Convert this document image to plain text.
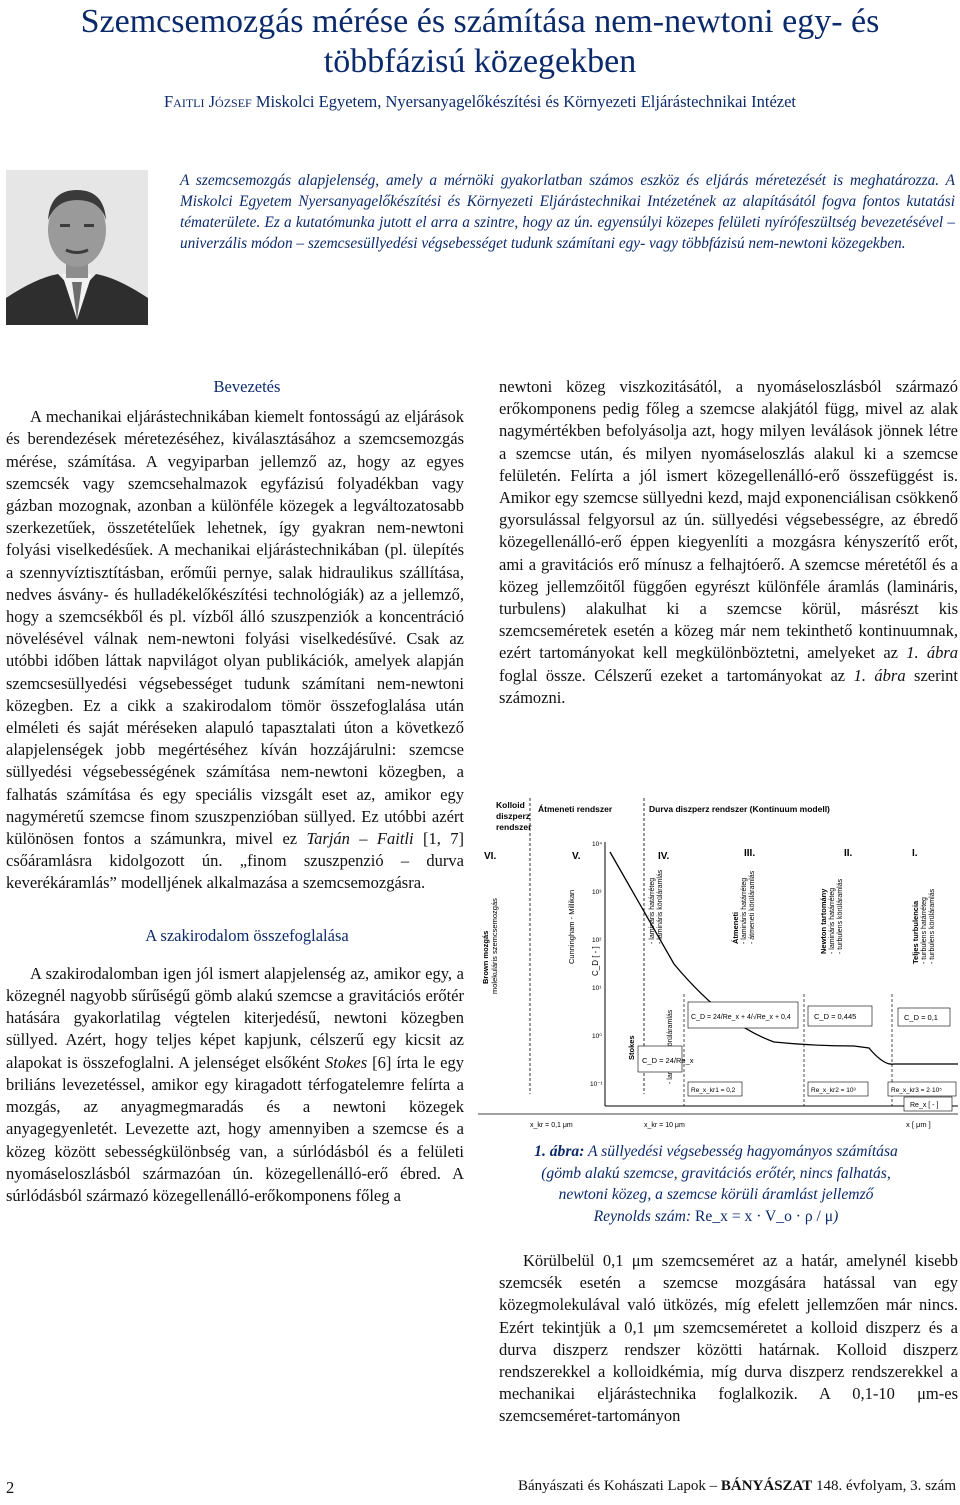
Szemcsemozgás mérése és számítása nem-newtoni egy- és
többfázisú közegekben
Faitli József Miskolci Egyetem, Nyersanyagelőkészítési és Környezeti Eljárástechnikai Intézet

A szemcsemozgás alapjelenség, amely a mérnöki gyakorlatban számos eszköz és eljárás méretezését is meghatározza. A Miskolci Egyetem Nyersanyagelőkészítési és Környezeti Eljárástechnikai Intézetének az alapításától fogva fontos kutatási tématerülete. Ez a kutatómunka jutott el arra a szintre, hogy az ún. egyensúlyi közepes felületi nyírófeszültség bevezetésével – univerzális módon – szemcsesüllyedési végsebességet tudunk számítani egy- vagy többfázisú nem-newtoni közegekben.

Bevezetés

A mechanikai eljárástechnikában kiemelt fontosságú az eljárások és berendezések méretezéséhez, kiválasztásához a szemcsemozgás mérése, számítása. A vegyiparban jellemző az, hogy az egyes szemcsék vagy szemcsehalmazok egyfázisú folyadékban vagy gázban mozognak, azonban a különféle közegek a legváltozatosabb szerkezetűek, összetételűek lehetnek, így gyakran nem-newtoni folyási viselkedésűek. A mechanikai eljárástechnikában (pl. ülepítés a szennyvíztisztításban, erőműi pernye, salak hidraulikus szállítása, nedves ásvány- és hulladékelőkészítési technológiák) az a jellemző, hogy a szemcsékből és pl. vízből álló szuszpenziók a koncentráció növelésével válnak nem-newtoni folyási viselkedésűvé. Csak az utóbbi időben láttak napvilágot olyan publikációk, amelyek alapján szemcsesüllyedési végsebességet tudunk számítani nem-newtoni közegben. Ez a cikk a szakirodalom tömör összefoglalása után elméleti és saját méréseken alapuló tapasztalati úton a következő alapjelenségek jobb megértéséhez kíván hozzájárulni: szemcse süllyedési végsebességének számítása nem-newtoni közegben, a falhatás számítása és egy speciális vizsgált eset az, amikor egy nagyméretű szemcse finom szuszpenzióban süllyed. Ez utóbbi azért különösen fontos a számunkra, mivel ez Tarján – Faitli [1, 7] csőáramlásra kidolgozott ún. „finom szuszpenzió – durva keverékáramlás” modelljének alkalmazása a szemcsemozgásra.

A szakirodalom összefoglalása

A szakirodalomban igen jól ismert alapjelenség az, amikor egy, a közegnél nagyobb sűrűségű gömb alakú szemcse a gravitációs erőtér hatására gyakorlatilag végtelen kiterjedésű, newtoni közegben süllyed. Azért, hogy teljes képet kapjunk, célszerű egy kicsit az alapokat is összefoglalni. A jelenséget elsőként Stokes [6] írta le egy briliáns levezetéssel, amikor egy kiragadott térfogatelemre felírta a mozgás, az anyagmegmaradás és a newtoni közegek anyagegyenletét. Levezette azt, hogy amennyiben a szemcse és a közeg között sebességkülönbség van, a súrlódásból és a felületi nyomáseloszlásból származóan ún. közegellenálló-erő ébred. A súrlódásból származó közegellenálló-erőkomponens főleg a

newtoni közeg viszkozitásától, a nyomáseloszlásból származó erőkomponens pedig főleg a szemcse alakjától függ, mivel az alak nagymértékben befolyásolja azt, hogy milyen leválások jönnek létre a szemcse után, és milyen nyomáseloszlás alakul ki a szemcse felületén. Felírta a jól ismert közegellenálló-erő összefüggést is. Amikor egy szemcse süllyedni kezd, majd exponenciálisan csökkenő gyorsulással felgyorsul az ún. süllyedési végsebességre, az ébredő közegellenálló-erő éppen kiegyenlíti a mozgásra kényszerítő erőt, ami a gravitációs erő mínusz a felhajtóerő. A szemcse méretétől és a közeg jellemzőitől függően egyrészt különféle áramlás (lamináris, turbulens) alakulhat ki a szemcse körül, másrészt kis szemcseméretek esetén a közeg már nem tekinthető kontinuumnak, ezért tartományokat kell megkülönböztetni, amelyeket az 1. ábra foglal össze. Célszerű ezeket a tartományokat az 1. ábra szerint számozni.

Kolloid
diszperz
rendszer
Átmeneti rendszer	Durva diszperz rendszer (Kontinuum modell)
VI.	V.	IV.	III.	II.	I.
10⁴
10³
10²
10¹
10⁰
10⁻¹
C_D [ - ]
Brown mozgás molekuláris szemcsemozgás	Cunningham - Millikan	- lamináris határréteg - lamináris körüláramlás	Átmeneti - lamináris határréteg - átmeneti körüláramlás	Newton tartomány - lamináris határréteg - turbulens körüláramlás	Teljes turbulencia - turbulens határréteg - turbulens körüláramlás
Stokes
C_D = 24/Re_x
C_D = 24/Re_x + 4/√Re_x + 0,4	C_D = 0,445	C_D = 0,1
Re_x_kr1 = 0,2	Re_x_kr2 = 10³	Re_x_kr3 = 2·10⁵
Re_x [ - ]
x_kr = 0,1 μm	x_kr = 10 μm	x [ μm ]
1. ábra: A süllyedési végsebesség hagyományos számítása
(gömb alakú szemcse, gravitációs erőtér, nincs falhatás,
newtoni közeg, a szemcse körüli áramlást jellemző
Reynolds szám: Re_x = x · V_o · ρ / μ)

Körülbelül 0,1 μm szemcseméret az a határ, amelynél kisebb szemcsék esetén a szemcse mozgására hatással van egy közegmolekulával való ütközés, míg efelett jellemzően már nincs. Ezért tekintjük a 0,1 μm szemcseméretet a kolloid diszperz és a durva diszperz rendszer közötti határnak. Kolloid diszperz rendszerekkel a kolloidkémia, míg durva diszperz rendszerekkel a mechanikai eljárástechnika foglalkozik. A 0,1-10 μm-es szemcseméret-tartományon

2	Bányászati és Kohászati Lapok – BÁNYÁSZAT 148. évfolyam, 3. szám
